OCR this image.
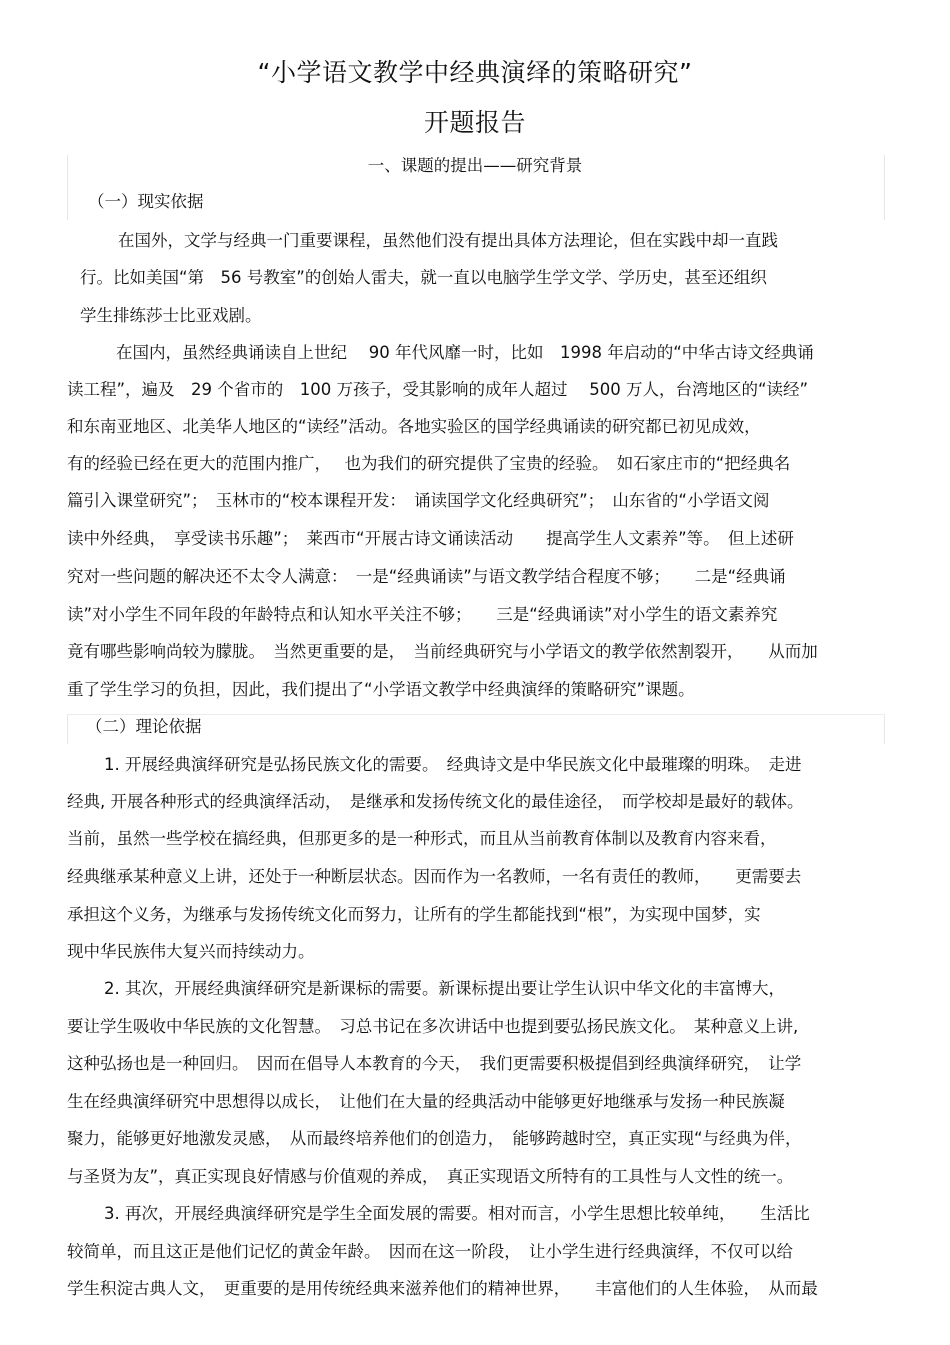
“小学语文教学中经典演绎的策略研究”
开题报告
一、课题的提出——研究背景
（一）现实依据
在国外，文学与经典一门重要课程，虽然他们没有提出具体方法理论，但在实践中却一直践
行。比如美国“第　56 号教室”的创始人雷夫，就一直以电脑学生学文学、学历史，甚至还组织
学生排练莎士比亚戏剧。
在国内，虽然经典诵读自上世纪　 90 年代风靡一时，比如　1998 年启动的“中华古诗文经典诵
读工程”，遍及　29 个省市的　100 万孩子，受其影响的成年人超过　 500 万人，台湾地区的“读经”
和东南亚地区、北美华人地区的“读经”活动。各地实验区的国学经典诵读的研究都已初见成效，
有的经验已经在更大的范围内推广，　 也为我们的研究提供了宝贵的经验。　如石家庄市的“把经典名
篇引入课堂研究”；　玉林市的“校本课程开发：　诵读国学文化经典研究”；　山东省的“小学语文阅
读中外经典，　享受读书乐趣”；　莱西市“开展古诗文诵读活动　　提高学生人文素养”等。　但上述研
究对一些问题的解决还不太令人满意：　一是“经典诵读”与语文教学结合程度不够；　　二是“经典诵
读”对小学生不同年段的年龄特点和认知水平关注不够；　　三是“经典诵读”对小学生的语文素养究
竟有哪些影响尚较为朦胧。　当然更重要的是，　当前经典研究与小学语文的教学依然割裂开，　　从而加
重了学生学习的负担，因此，我们提出了“小学语文教学中经典演绎的策略研究”课题。
（二）理论依据
1. 开展经典演绎研究是弘扬民族文化的需要。　经典诗文是中华民族文化中最璀璨的明珠。　走进
经典, 开展各种形式的经典演绎活动，　是继承和发扬传统文化的最佳途径，　而学校却是最好的载体。
当前，虽然一些学校在搞经典，但那更多的是一种形式，而且从当前教育体制以及教育内容来看，
经典继承某种意义上讲，还处于一种断层状态。因而作为一名教师，一名有责任的教师，　　更需要去
承担这个义务，为继承与发扬传统文化而努力，让所有的学生都能找到“根”，为实现中国梦，实
现中华民族伟大复兴而持续动力。
2. 其次，开展经典演绎研究是新课标的需要。新课标提出要让学生认识中华文化的丰富博大，
要让学生吸收中华民族的文化智慧。　习总书记在多次讲话中也提到要弘扬民族文化。　某种意义上讲,
这种弘扬也是一种回归。　因而在倡导人本教育的今天，　我们更需要积极提倡到经典演绎研究，　让学
生在经典演绎研究中思想得以成长，　让他们在大量的经典活动中能够更好地继承与发扬一种民族凝
聚力，能够更好地激发灵感，　从而最终培养他们的创造力，　能够跨越时空，真正实现“与经典为伴，
与圣贤为友”，真正实现良好情感与价值观的养成，　真正实现语文所特有的工具性与人文性的统一。
3. 再次，开展经典演绎研究是学生全面发展的需要。相对而言，小学生思想比较单纯，　　生活比
较简单，而且这正是他们记忆的黄金年龄。　因而在这一阶段，　让小学生进行经典演绎，不仅可以给
学生积淀古典人文，　更重要的是用传统经典来滋养他们的精神世界，　　丰富他们的人生体验，　从而最
